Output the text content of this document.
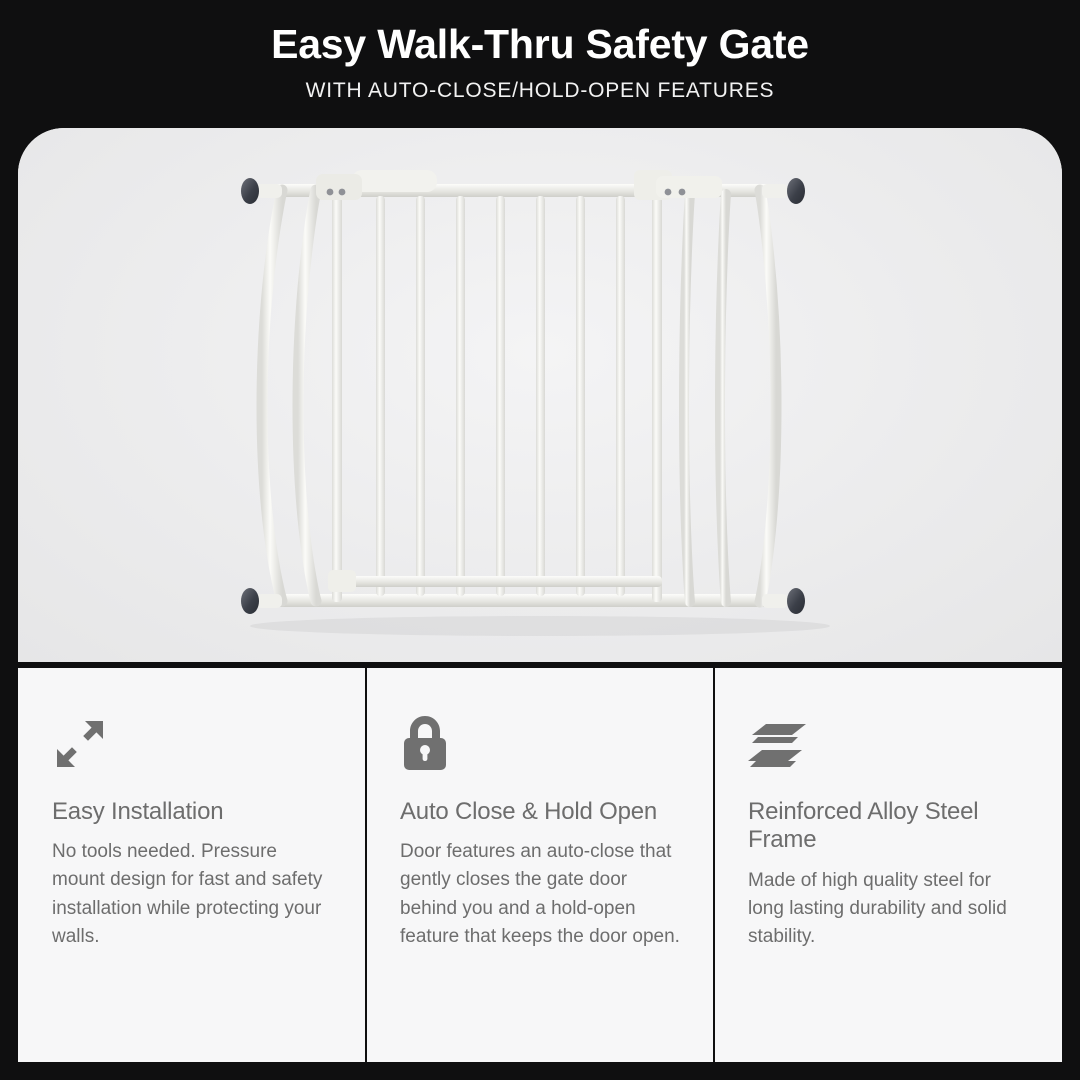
Easy Walk-Thru Safety Gate
WITH AUTO-CLOSE/HOLD-OPEN FEATURES
Easy Installation

No tools needed. Pressure mount design for fast and safety installation while protecting your walls.

Auto Close & Hold Open

Door features an auto-close that gently closes the gate door behind you and a hold-open feature that keeps the door open.

Reinforced Alloy Steel Frame

Made of high quality steel for long lasting durability and solid stability.
